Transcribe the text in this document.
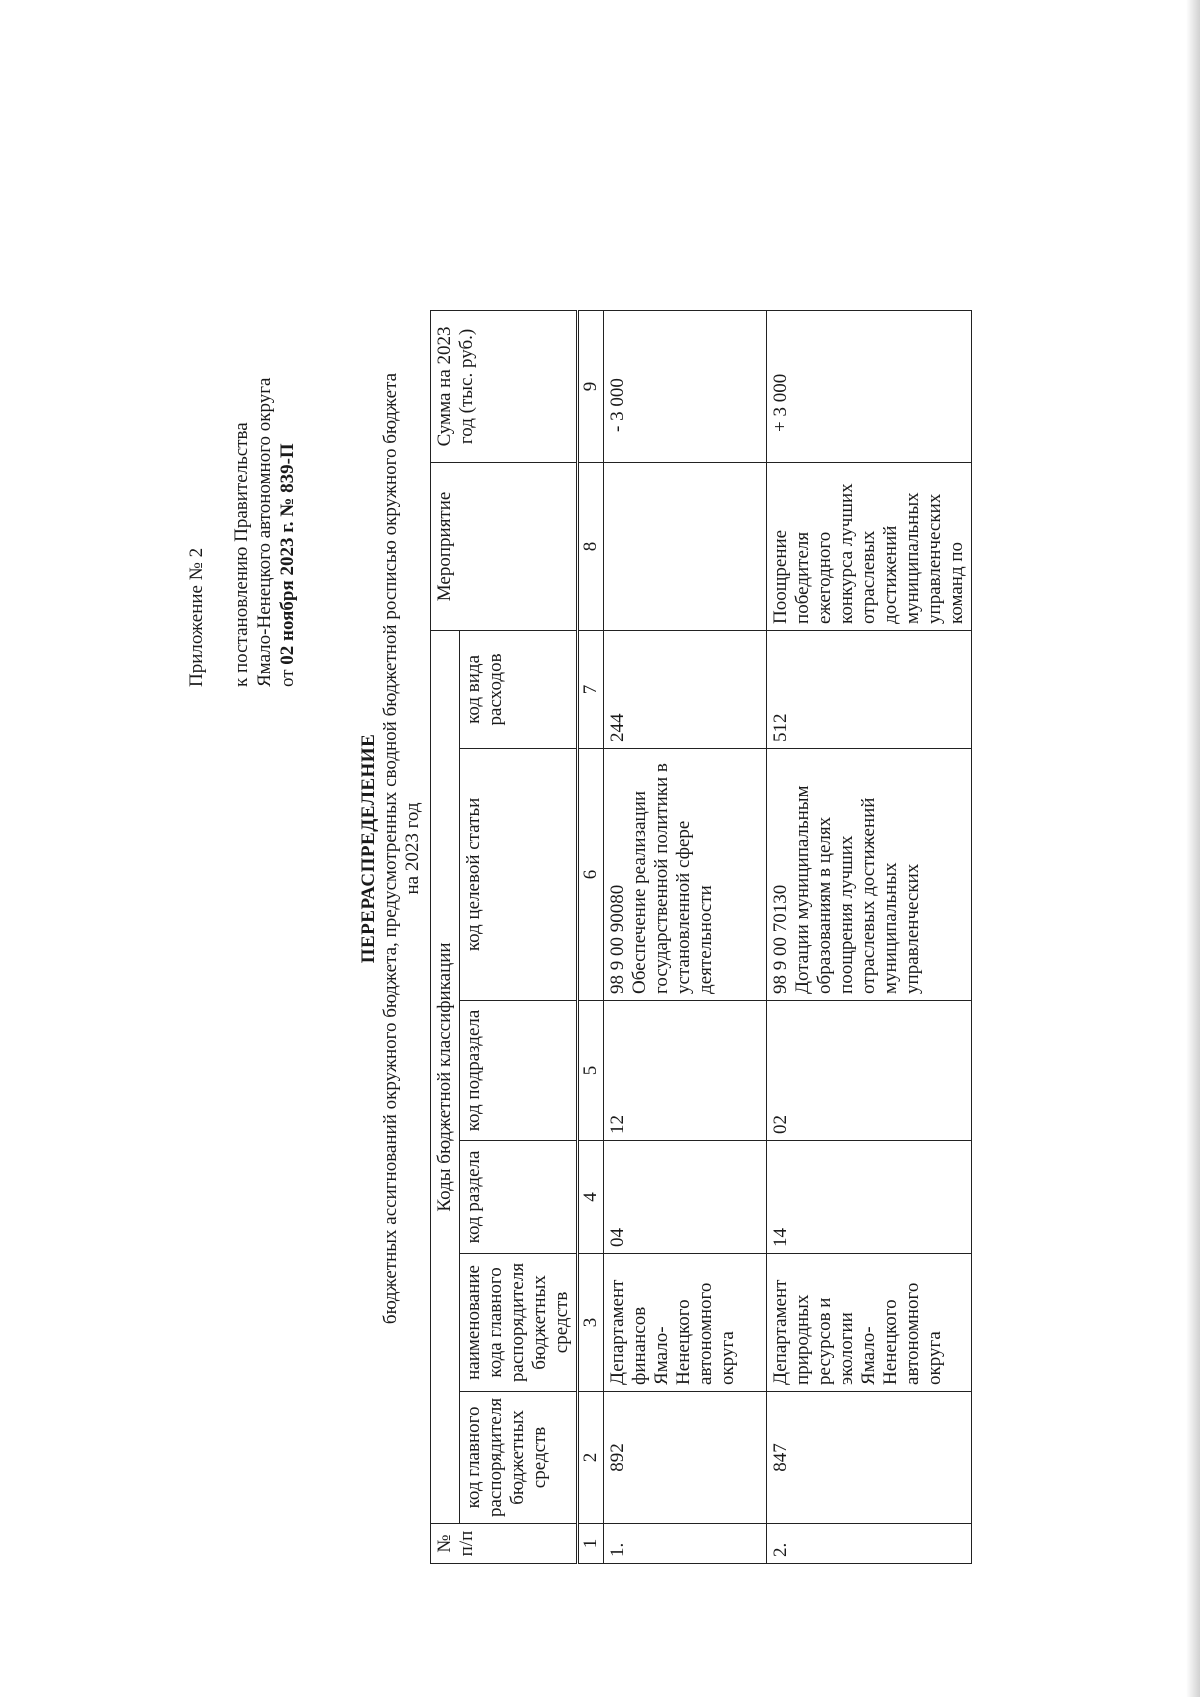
Приложение № 2 к постановлению Правительства Ямало-Ненецкого автономного округа от 02 ноября 2023 г. № 839-П
ПЕРЕРАСПРЕДЕЛЕНИЕ бюджетных ассигнований окружного бюджета, предусмотренных сводной бюджетной росписью окружного бюджета на 2023 год
№ п/п	Коды бюджетной классификации						Мероприятие	Сумма на 2023 год (тыс. руб.)
	код главного распорядителя бюджетных средств	наименование кода главного распорядителя бюджетных средств	код раздела	код подраздела	код целевой статьи	код вида расходов		
1	2	3	4	5	6	7	8	9
1.	892	Департамент финансов Ямало-Ненецкого автономного округа	04	12	98 9 00 90080 Обеспечение реализации государственной политики в установленной сфере деятельности	244		- 3 000
2.	847	Департамент природных ресурсов и экологии Ямало-Ненецкого автономного округа	14	02	98 9 00 70130 Дотации муниципальным образованиям в целях поощрения лучших отраслевых достижений муниципальных управленческих	512	Поощрение победителя ежегодного конкурса лучших отраслевых достижений муниципальных управленческих команд по	+ 3 000
